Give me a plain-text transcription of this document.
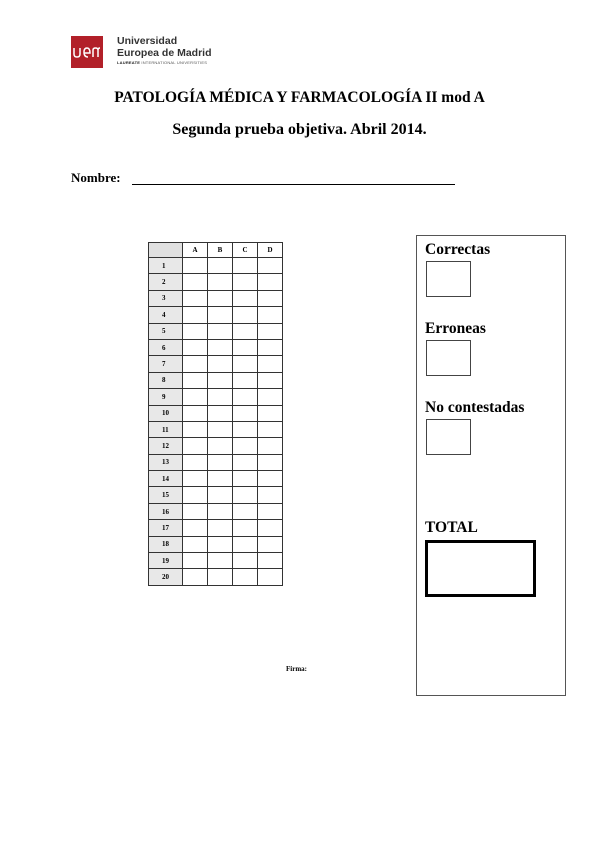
Universidad
Europea de Madrid
LAUREATE INTERNATIONAL UNIVERSITIES
PATOLOGÍA MÉDICA Y FARMACOLOGÍA II mod A
Segunda prueba objetiva. Abril 2014.
Nombre:
	A	B	C	D
1				
2				
3				
4				
5				
6				
7				
8				
9				
10				
11				
12				
13				
14				
15				
16				
17				
18				
19				
20				
Correctas
Erroneas
No contestadas
TOTAL
Firma:
